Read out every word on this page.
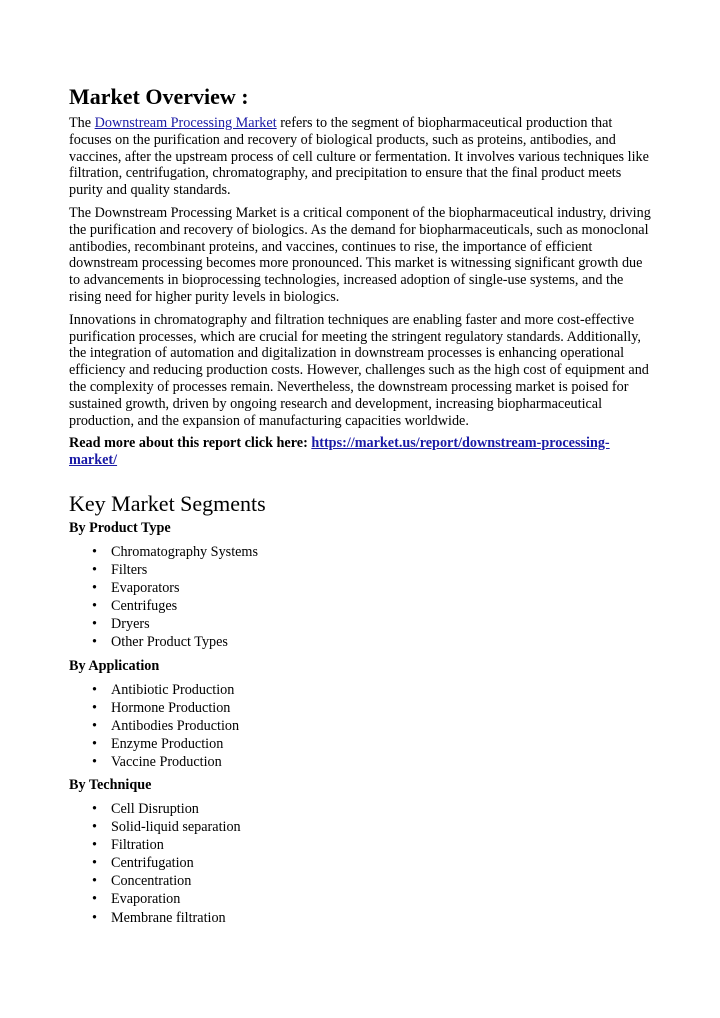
Market Overview :

The Downstream Processing Market refers to the segment of biopharmaceutical production that focuses on the purification and recovery of biological products, such as proteins, antibodies, and vaccines, after the upstream process of cell culture or fermentation. It involves various techniques like filtration, centrifugation, chromatography, and precipitation to ensure that the final product meets purity and quality standards.

The Downstream Processing Market is a critical component of the biopharmaceutical industry, driving the purification and recovery of biologics. As the demand for biopharmaceuticals, such as monoclonal antibodies, recombinant proteins, and vaccines, continues to rise, the importance of efficient downstream processing becomes more pronounced. This market is witnessing significant growth due to advancements in bioprocessing technologies, increased adoption of single-use systems, and the rising need for higher purity levels in biologics.

Innovations in chromatography and filtration techniques are enabling faster and more cost-effective purification processes, which are crucial for meeting the stringent regulatory standards. Additionally, the integration of automation and digitalization in downstream processes is enhancing operational efficiency and reducing production costs. However, challenges such as the high cost of equipment and the complexity of processes remain. Nevertheless, the downstream processing market is poised for sustained growth, driven by ongoing research and development, increasing biopharmaceutical production, and the expansion of manufacturing capacities worldwide.

Read more about this report click here: https://market.us/report/downstream-processing-market/

Key Market Segments
By Product Type
• Chromatography Systems
• Filters
• Evaporators
• Centrifuges
• Dryers
• Other Product Types
By Application
• Antibiotic Production
• Hormone Production
• Antibodies Production
• Enzyme Production
• Vaccine Production
By Technique
• Cell Disruption
• Solid-liquid separation
• Filtration
• Centrifugation
• Concentration
• Evaporation
• Membrane filtration
